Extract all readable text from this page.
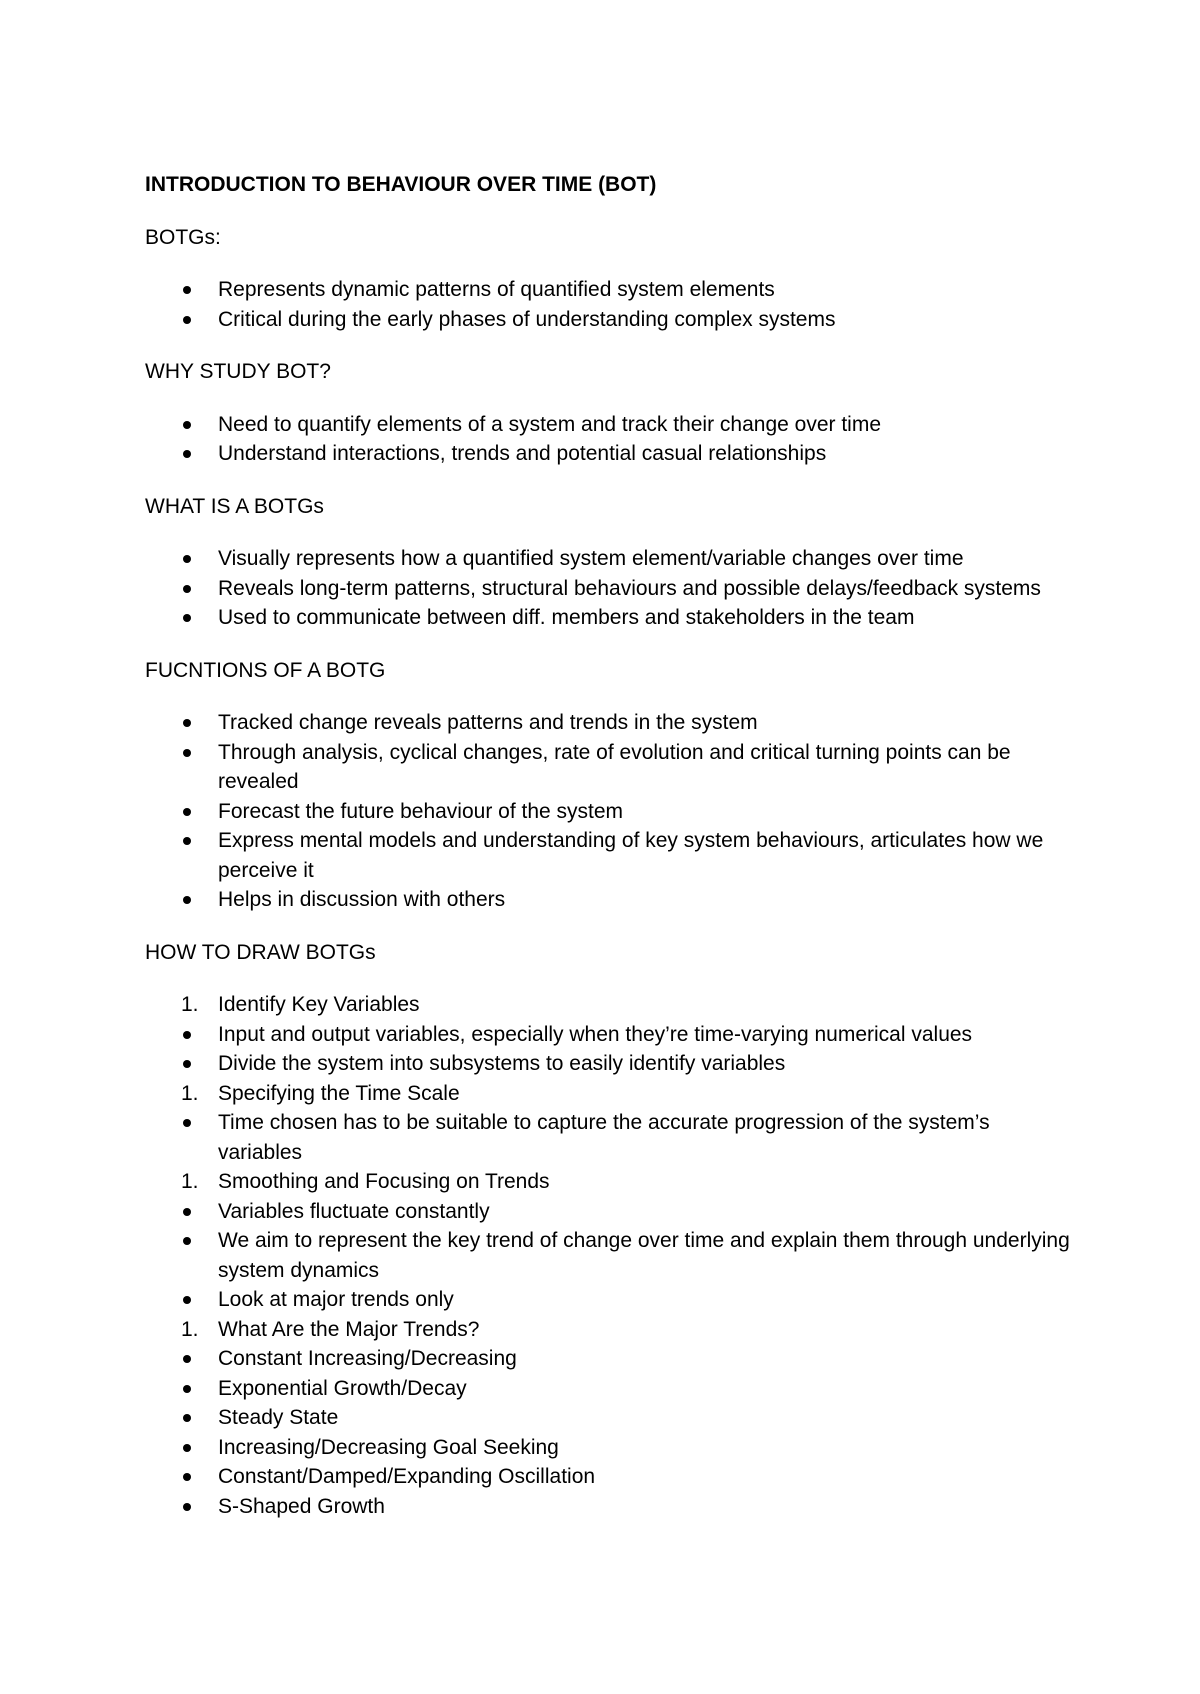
INTRODUCTION TO BEHAVIOUR OVER TIME (BOT)
BOTGs:
Represents dynamic patterns of quantified system elements
Critical during the early phases of understanding complex systems
WHY STUDY BOT?
Need to quantify elements of a system and track their change over time
Understand interactions, trends and potential casual relationships
WHAT IS A BOTGs
Visually represents how a quantified system element/variable changes over time
Reveals long-term patterns, structural behaviours and possible delays/feedback systems
Used to communicate between diff. members and stakeholders in the team
FUCNTIONS OF A BOTG
Tracked change reveals patterns and trends in the system
Through analysis, cyclical changes, rate of evolution and critical turning points can be revealed
Forecast the future behaviour of the system
Express mental models and understanding of key system behaviours, articulates how we perceive it
Helps in discussion with others
HOW TO DRAW BOTGs
1. Identify Key Variables
Input and output variables, especially when they’re time-varying numerical values
Divide the system into subsystems to easily identify variables
1. Specifying the Time Scale
Time chosen has to be suitable to capture the accurate progression of the system’s variables
1. Smoothing and Focusing on Trends
Variables fluctuate constantly
We aim to represent the key trend of change over time and explain them through underlying system dynamics
Look at major trends only
1. What Are the Major Trends?
Constant Increasing/Decreasing
Exponential Growth/Decay
Steady State
Increasing/Decreasing Goal Seeking
Constant/Damped/Expanding Oscillation
S-Shaped Growth
